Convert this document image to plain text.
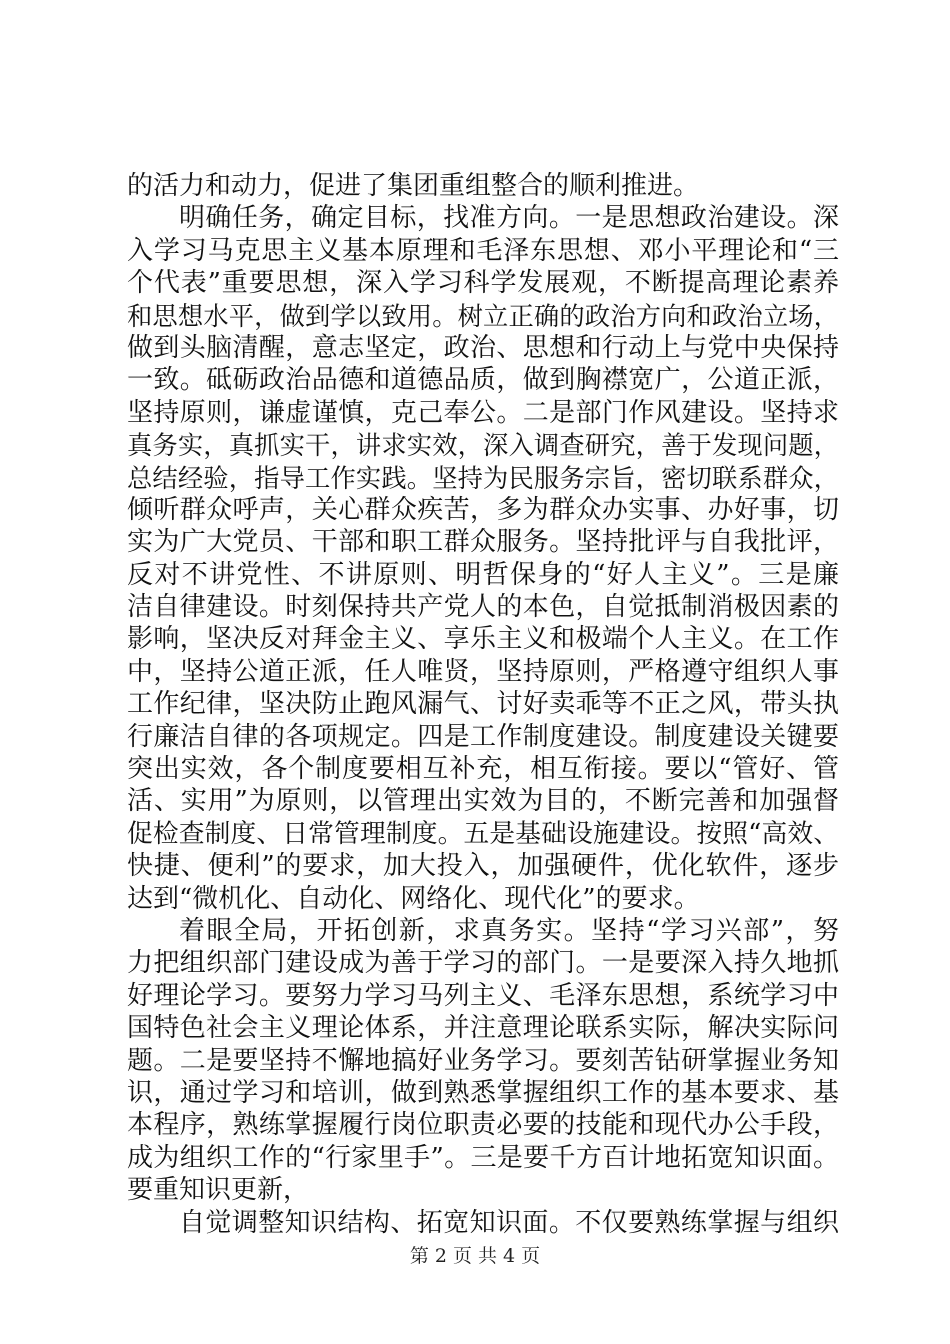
的活力和动力，促进了集团重组整合的顺利推进。
明确任务，确定目标，找准方向。一是思想政治建设。深
入学习马克思主义基本原理和毛泽东思想、邓小平理论和“三
个代表”重要思想，深入学习科学发展观，不断提高理论素养
和思想水平，做到学以致用。树立正确的政治方向和政治立场，
做到头脑清醒，意志坚定，政治、思想和行动上与党中央保持
一致。砥砺政治品德和道德品质，做到胸襟宽广，公道正派，
坚持原则，谦虚谨慎，克己奉公。二是部门作风建设。坚持求
真务实，真抓实干，讲求实效，深入调查研究，善于发现问题，
总结经验，指导工作实践。坚持为民服务宗旨，密切联系群众，
倾听群众呼声，关心群众疾苦，多为群众办实事、办好事，切
实为广大党员、干部和职工群众服务。坚持批评与自我批评，
反对不讲党性、不讲原则、明哲保身的“好人主义”。三是廉
洁自律建设。时刻保持共产党人的本色，自觉抵制消极因素的
影响，坚决反对拜金主义、享乐主义和极端个人主义。在工作
中，坚持公道正派，任人唯贤，坚持原则，严格遵守组织人事
工作纪律，坚决防止跑风漏气、讨好卖乖等不正之风，带头执
行廉洁自律的各项规定。四是工作制度建设。制度建设关键要
突出实效，各个制度要相互补充，相互衔接。要以“管好、管
活、实用”为原则，以管理出实效为目的，不断完善和加强督
促检查制度、日常管理制度。五是基础设施建设。按照“高效、
快捷、便利”的要求，加大投入，加强硬件，优化软件，逐步
达到“微机化、自动化、网络化、现代化”的要求。
着眼全局，开拓创新，求真务实。坚持“学习兴部”，努
力把组织部门建设成为善于学习的部门。一是要深入持久地抓
好理论学习。要努力学习马列主义、毛泽东思想，系统学习中
国特色社会主义理论体系，并注意理论联系实际，解决实际问
题。二是要坚持不懈地搞好业务学习。要刻苦钻研掌握业务知
识，通过学习和培训，做到熟悉掌握组织工作的基本要求、基
本程序，熟练掌握履行岗位职责必要的技能和现代办公手段，
成为组织工作的“行家里手”。三是要千方百计地拓宽知识面。
要重知识更新，
自觉调整知识结构、拓宽知识面。不仅要熟练掌握与组织
第 2 页 共 4 页
